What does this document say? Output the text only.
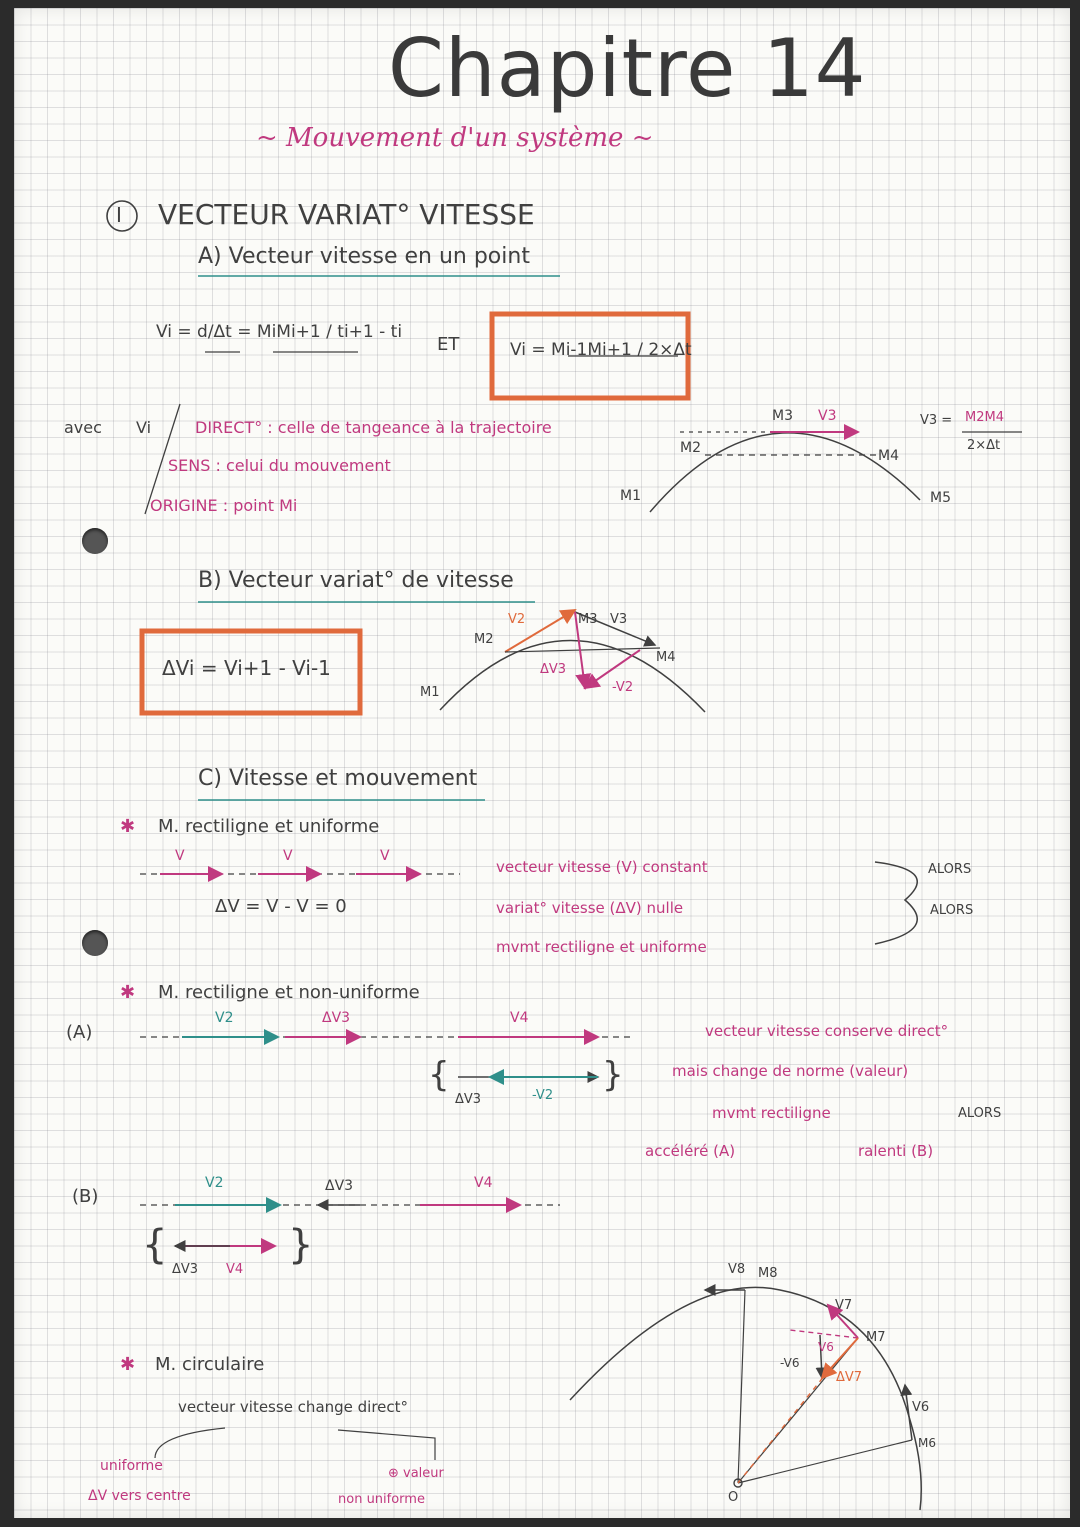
Chapitre 14
~ Mouvement d'un système ~
I VECTEUR VARIAT° VITESSE
A) Vecteur vitesse en un point
Vi = d/Δt = MiMi+1 / ti+1 - ti
ET	Vi = Mi-1Mi+1 / 2×Δt
avec Vi	DIRECT° : celle de tangeance à la trajectoire
SENS : celui du mouvement
ORIGINE : point Mi	M1
M2
M3 V3
M4
M5
V3 = M2M4
2×Δt
B) Vecteur variat° de vitesse
ΔVi = Vi+1 - Vi-1
M1
M2
V2	M3 V3
M4
ΔV3
-V2
C) Vitesse et mouvement
✱ M. rectiligne et uniforme
V	V	V
ΔV = V - V = 0
vecteur vitesse (V) constant
variat° vitesse (ΔV) nulle
mvmt rectiligne et uniforme
ALORS
ALORS
✱ M. rectiligne et non-uniforme
(A)
V2	ΔV3	V4
{	}
ΔV3	-V2
vecteur vitesse conserve direct°
mais change de norme (valeur)
mvmt rectiligne	ALORS
accéléré (A)	ralenti (B)
(B)
V2	ΔV3	V4
{	}
ΔV3 V4
✱ M. circulaire
vecteur vitesse change direct°
uniforme
ΔV vers centre
⊕ valeur
non uniforme
V8 M8
V7
M7
V6
-V6
ΔV7
V6
M6
O
